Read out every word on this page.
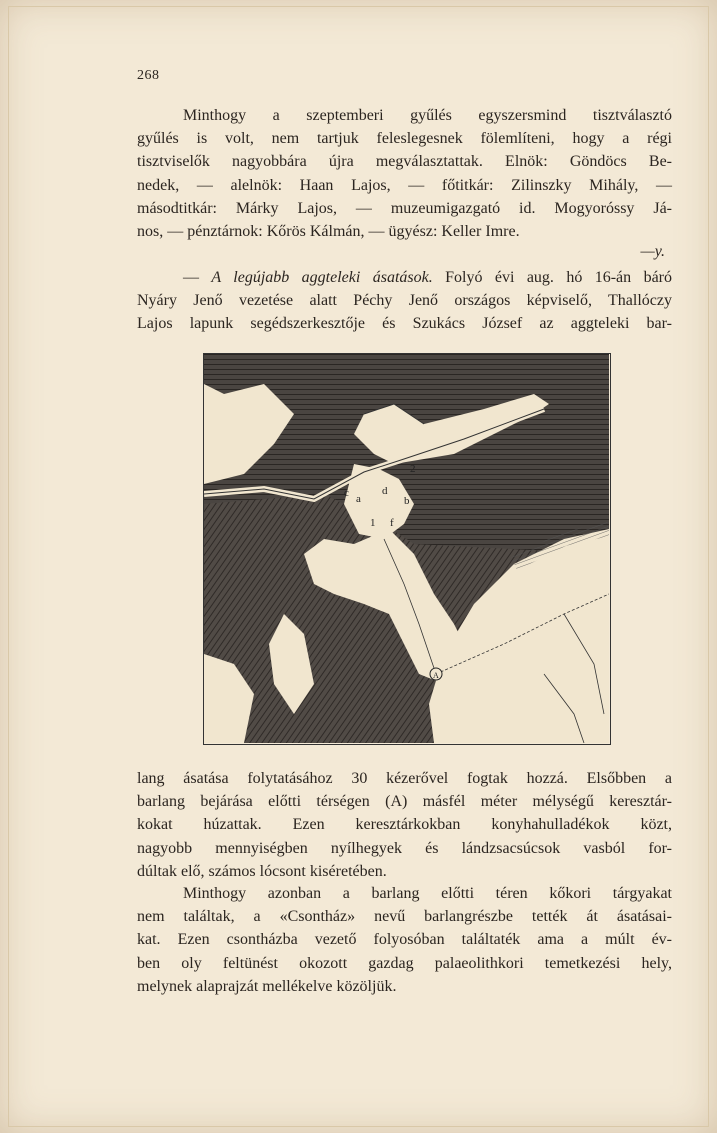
268
Minthogy a szeptemberi gyűlés egyszersmind tisztválasztó
gyűlés is volt, nem tartjuk feleslegesnek fölemlíteni, hogy a régi
tisztviselők nagyobbára újra megválasztattak. Elnök: Göndöcs Be-
nedek, — alelnök: Haan Lajos, — főtitkár: Zilinszky Mihály, —
másodtitkár: Márky Lajos, — muzeumigazgató id. Mogyoróssy Já-
nos, — pénztárnok: Kőrös Kálmán, — ügyész: Keller Imre.
—y.
— A legújabb aggteleki ásatások. Folyó évi aug. hó 16-án báró
Nyáry Jenő vezetése alatt Péchy Jenő országos képviselő, Thallóczy
Lajos lapunk segédszerkesztője és Szukács József az aggteleki bar-
c a
d
b
1 f
2
A
lang ásatása folytatásához 30 kézerővel fogtak hozzá. Elsőbben a
barlang bejárása előtti térségen (A) másfél méter mélységű keresztár-
kokat húzattak. Ezen keresztárkokban konyhahulladékok közt,
nagyobb mennyiségben nyílhegyek és lándzsacsúcsok vasból for-
dúltak elő, számos lócsont kiséretében.
Minthogy azonban a barlang előtti téren kőkori tárgyakat
nem találtak, a «Csontház» nevű barlangrészbe tették át ásatásai-
kat. Ezen csontházba vezető folyosóban találtaték ama a múlt év-
ben oly feltünést okozott gazdag palaeolithkori temetkezési hely,
melynek alaprajzát mellékelve közöljük.
